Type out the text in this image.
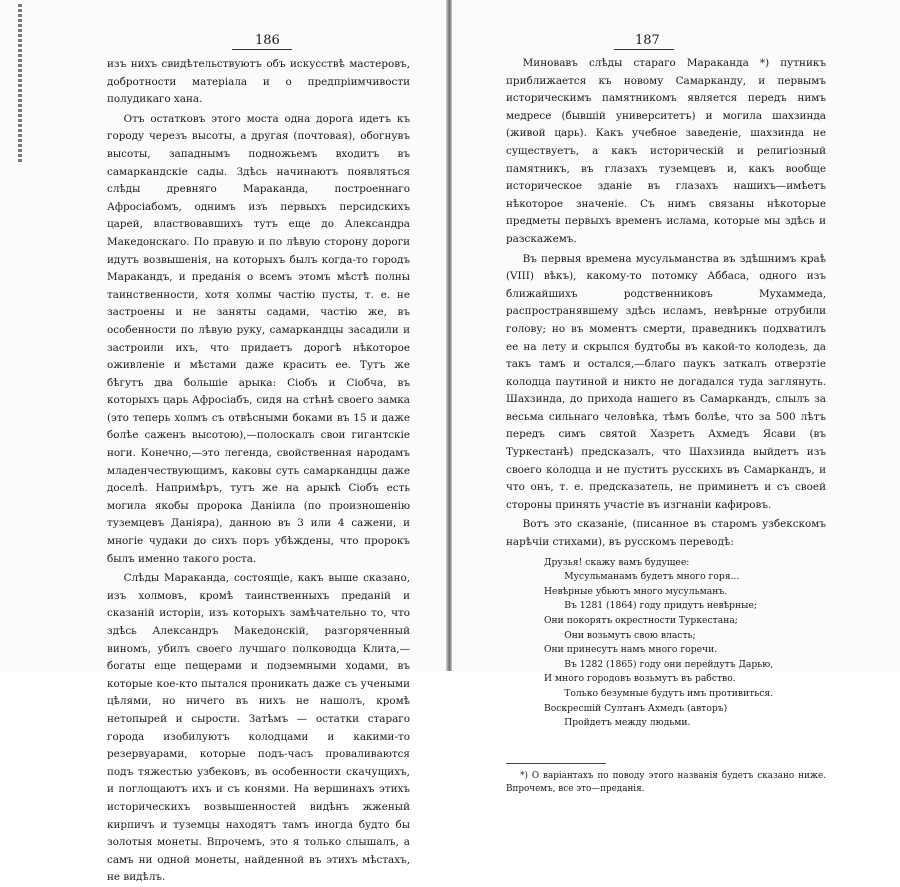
186

изъ нихъ свидѣтельствуютъ объ искусствѣ мастеровъ, добротности матеріала и о предпріимчивости полудикаго хана.

Отъ остатковъ этого моста одна дорога идетъ къ городу черезъ высоты, а другая (почтовая), обогнувъ высоты, западнымъ подножьемъ входитъ въ самаркандскіе сады. Здѣсь начинаютъ появляться слѣды древняго Мараканда, построеннаго Афросіабомъ, однимъ изъ первыхъ персидскихъ царей, властвовавшихъ тутъ еще до Александра Македонскаго. По правую и по лѣвую сторону дороги идутъ возвышенія, на которыхъ былъ когда-то городъ Маракандъ, и преданія о всемъ этомъ мѣстѣ полны таинственности, хотя холмы частію пусты, т. е. не застроены и не заняты садами, частію же, въ особенности по лѣвую руку, самаркандцы засадили и застроили ихъ, что придаетъ дорогѣ нѣкоторое оживленіе и мѣстами даже красить ее. Тутъ же бѣгутъ два большіе арыка: Сіобъ и Сіобча, въ которыхъ царь Афросіабъ, сидя на стѣнѣ своего замка (это теперь холмъ съ отвѣсными боками въ 15 и даже болѣе саженъ высотою),—полоскалъ свои гигантскіе ноги. Конечно,—это легенда, свойственная народамъ младенчествующимъ, каковы суть самаркандцы даже доселѣ. Напримѣръ, тутъ же на арыкѣ Сіобъ есть могила якобы пророка Даніила (по произношенію туземцевъ Даніяра), данною въ 3 или 4 сажени, и многіе чудаки до сихъ поръ убѣждены, что пророкъ былъ именно такого роста.

Слѣды Мараканда, состоящіе, какъ выше сказано, изъ холмовъ, кромѣ таинственныхъ преданій и сказаній исторіи, изъ которыхъ замѣчательно то, что здѣсь Александръ Македонскій, разгоряченный виномъ, убилъ своего лучшаго полководца Клита,—богаты еще пещерами и подземными ходами, въ которые кое-кто пытался проникать даже съ учеными цѣлями, но ничего въ нихъ не нашолъ, кромѣ нетопырей и сырости. Затѣмъ — остатки стараго города изобилуютъ колодцами и какими-то резервуарами, которые подъ-часъ проваливаются подъ тяжестью узбековъ, въ особенности скачущихъ, и поглощаютъ ихъ и съ конями. На вершинахъ этихъ историческихъ возвышенностей видѣнъ жженый кирпичъ и туземцы находятъ тамъ иногда будто бы золотыя монеты. Впрочемъ, это я только слышалъ, а самъ ни одной монеты, найденной въ этихъ мѣстахъ, не видѣлъ.

187

Миновавъ слѣды стараго Мараканда *) путникъ приближается къ новому Самарканду, и первымъ историческимъ памятникомъ является передъ нимъ медресе (бывшій университетъ) и могила шахзинда (живой царь). Какъ учебное заведеніе, шахзинда не существуетъ, а какъ историческій и религіозный памятникъ, въ глазахъ туземцевъ и, какъ вообще историческое зданіе въ глазахъ нашихъ—имѣетъ нѣкоторое значеніе. Съ нимъ связаны нѣкоторые предметы первыхъ временъ ислама, которые мы здѣсь и разскажемъ.

Въ первыя времена мусульманства въ здѣшнимъ краѣ (VIII) вѣкъ), какому-то потомку Аббаса, одного изъ ближайшихъ родственниковъ Мухаммеда, распространявшему здѣсь исламъ, невѣрные отрубили голову; но въ моментъ смерти, праведникъ подхватилъ ее на лету и скрылся будтобы въ какой-то колодезь, да такъ тамъ и остался,—благо паукъ заткалъ отверзтіе колодца паутиной и никто не догадался туда заглянуть. Шахзинда, до прихода нашего въ Самаркандъ, слылъ за весьма сильнаго человѣка, тѣмъ болѣе, что за 500 лѣтъ передъ симъ святой Хазретъ Ахмедъ Ясави (въ Туркестанѣ) предсказалъ, что Шахзинда выйдетъ изъ своего колодца и не пуститъ русскихъ въ Самаркандъ, и что онъ, т. е. предсказатель, не приминетъ и съ своей стороны принять участіе въ изгнаніи кафировъ.

Вотъ это сказаніе, (писанное въ старомъ узбекскомъ нарѣчіи стихами), въ русскомъ переводѣ:

Друзья! скажу вамъ будущее:
Мусульманамъ будетъ много горя...
Невѣрные убьютъ много мусульманъ.
Въ 1281 (1864) году придутъ невѣрные;
Они покорятъ окрестности Туркестана;
Они возьмутъ свою власть;
Они принесутъ намъ много горечи.
Въ 1282 (1865) году они перейдутъ Дарью,
И много городовъ возьмутъ въ рабство.
Только безумные будутъ имъ противиться.
Воскресшій Султанъ Ахмедъ (авторъ)
Пройдетъ между людьми.

*) О варіантахъ по поводу этого названія будетъ сказано ниже. Впрочемъ, все это—преданія.
